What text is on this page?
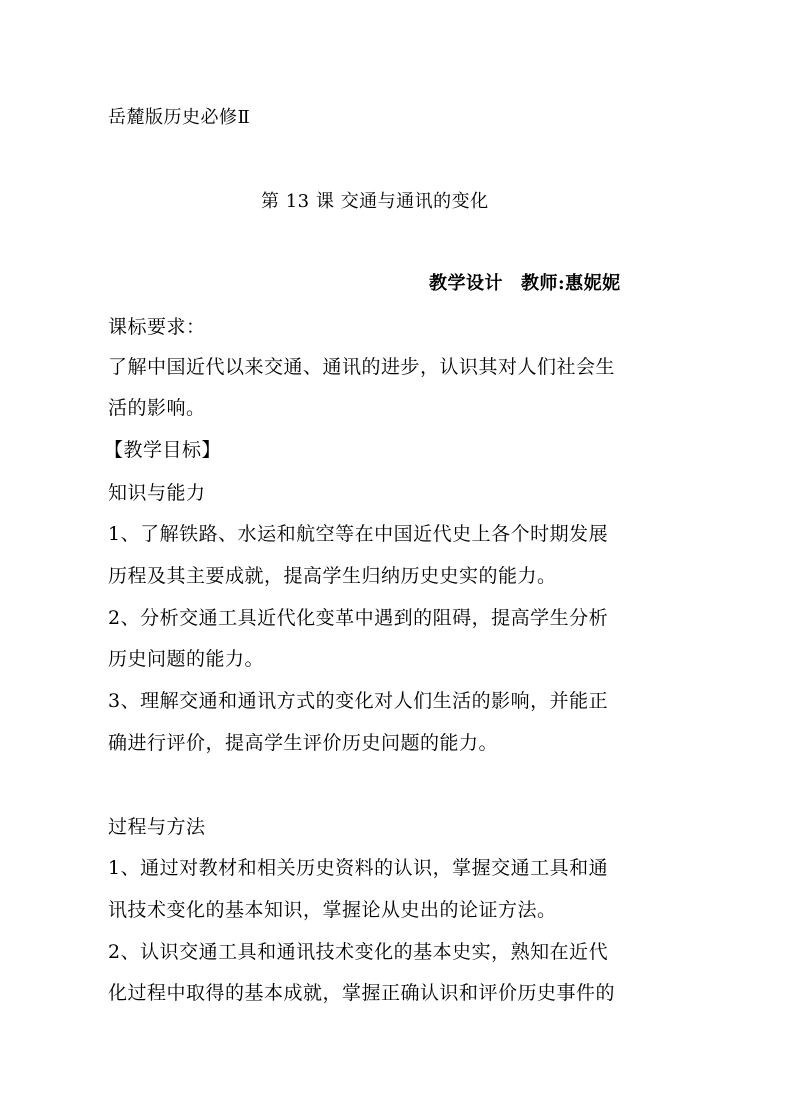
岳麓版历史必修Ⅱ
第 13 课 交通与通讯的变化
教学设计 教师:惠妮妮
课标要求：
了解中国近代以来交通、通讯的进步，认识其对人们社会生
活的影响。
【教学目标】
知识与能力
1、了解铁路、水运和航空等在中国近代史上各个时期发展
历程及其主要成就，提高学生归纳历史史实的能力。
2、分析交通工具近代化变革中遇到的阻碍，提高学生分析
历史问题的能力。
3、理解交通和通讯方式的变化对人们生活的影响，并能正
确进行评价，提高学生评价历史问题的能力。
过程与方法
1、通过对教材和相关历史资料的认识，掌握交通工具和通
讯技术变化的基本知识，掌握论从史出的论证方法。
2、认识交通工具和通讯技术变化的基本史实，熟知在近代
化过程中取得的基本成就，掌握正确认识和评价历史事件的
